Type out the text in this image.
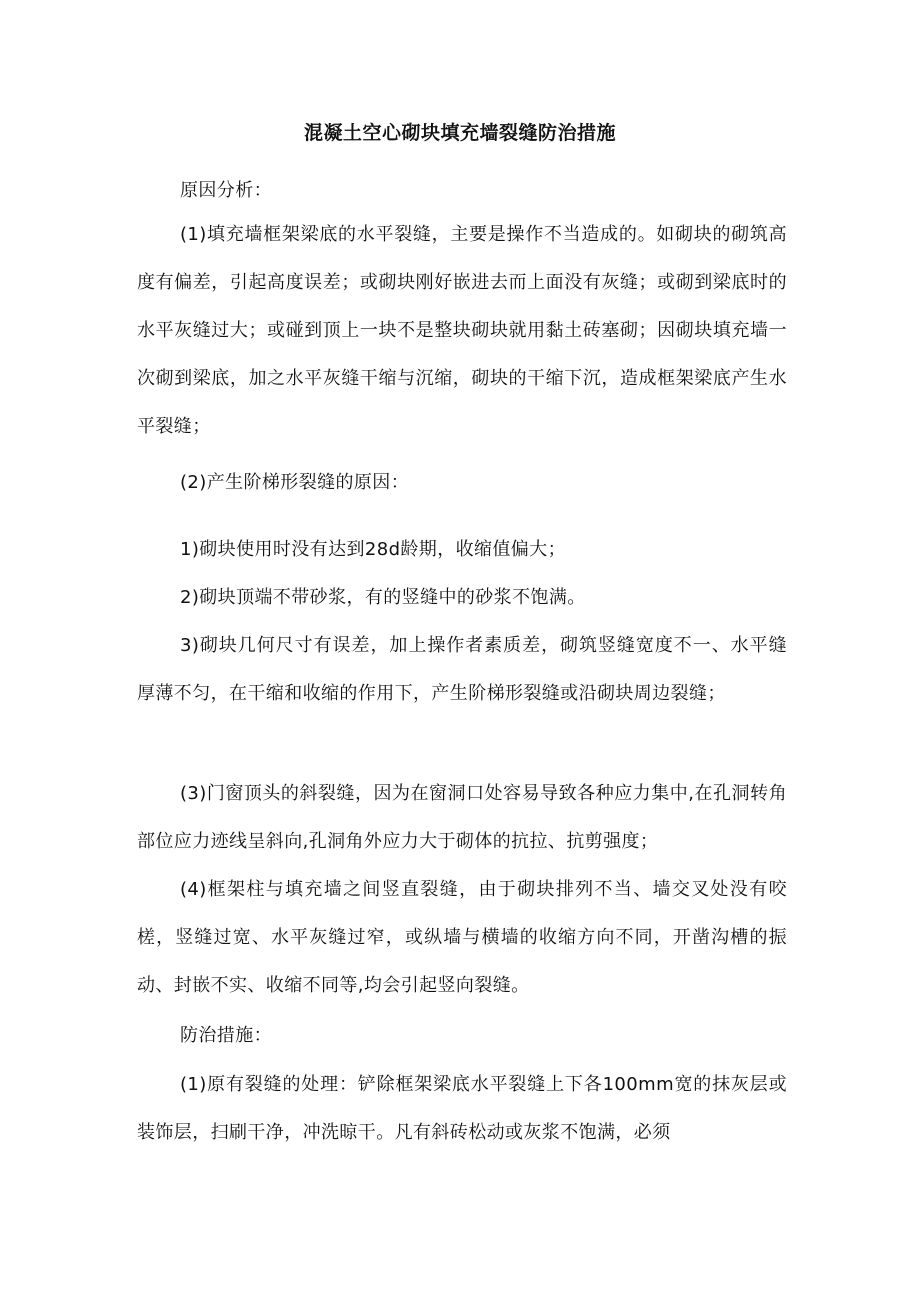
混凝土空心砌块填充墙裂缝防治措施

原因分析：

(1)填充墙框架梁底的水平裂缝，主要是操作不当造成的。如砌块的砌筑高度有偏差，引起高度误差；或砌块刚好嵌进去而上面没有灰缝；或砌到梁底时的水平灰缝过大；或碰到顶上一块不是整块砌块就用黏土砖塞砌；因砌块填充墙一次砌到梁底，加之水平灰缝干缩与沉缩，砌块的干缩下沉，造成框架梁底产生水平裂缝；

(2)产生阶梯形裂缝的原因：

1)砌块使用时没有达到28d龄期，收缩值偏大；

2)砌块顶端不带砂浆，有的竖缝中的砂浆不饱满。

3)砌块几何尺寸有误差，加上操作者素质差，砌筑竖缝宽度不一、水平缝厚薄不匀，在干缩和收缩的作用下，产生阶梯形裂缝或沿砌块周边裂缝；

(3)门窗顶头的斜裂缝，因为在窗洞口处容易导致各种应力集中,在孔洞转角部位应力迹线呈斜向,孔洞角外应力大于砌体的抗拉、抗剪强度；

(4)框架柱与填充墙之间竖直裂缝，由于砌块排列不当、墙交叉处没有咬槎，竖缝过宽、水平灰缝过窄，或纵墙与横墙的收缩方向不同，开凿沟槽的振动、封嵌不实、收缩不同等,均会引起竖向裂缝。

防治措施：

(1)原有裂缝的处理：铲除框架梁底水平裂缝上下各100mm宽的抹灰层或装饰层，扫刷干净，冲洗晾干。凡有斜砖松动或灰浆不饱满，必须
